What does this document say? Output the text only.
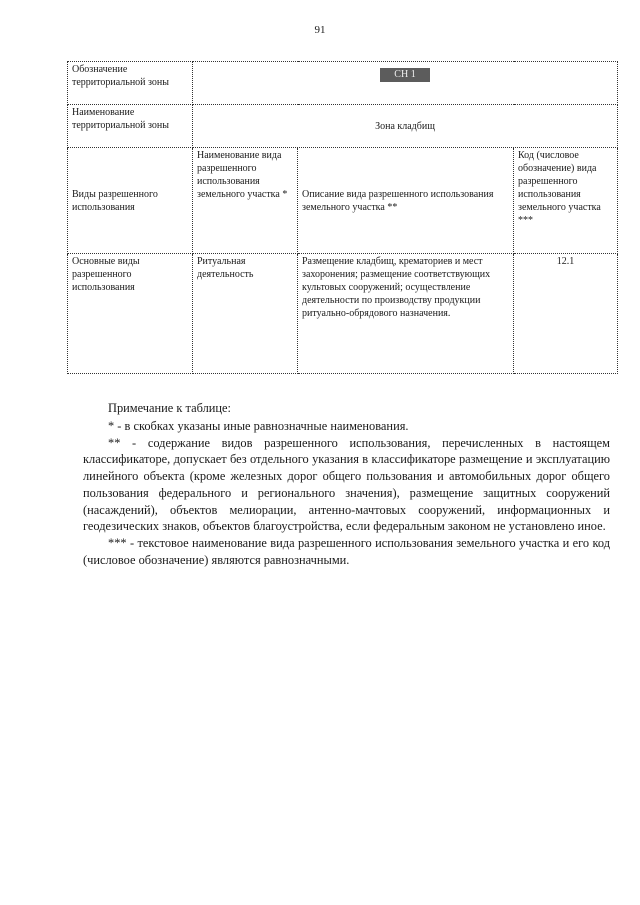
91
Обозначение территориальной зоны	СН 1		
Наименование территориальной зоны	Зона кладбищ		
Виды разрешенного использования	Наименование вида разрешенного использования земельного участка *	Описание вида разрешенного использования земельного участка **	Код (числовое обозначение) вида разрешенного использования земельного участка ***
Основные виды разрешенного использования	Ритуальная деятельность	Размещение кладбищ, крематориев и мест захоронения; размещение соответствующих культовых сооружений; осуществление деятельности по производству продукции ритуально-обрядового назначения.	12.1
Примечание к таблице:

* - в скобках указаны иные равнозначные наименования.

** - содержание видов разрешенного использования, перечисленных в настоящем классификаторе, допускает без отдельного указания в классификаторе размещение и эксплуатацию линейного объекта (кроме железных дорог общего пользования и автомобильных дорог общего пользования федерального и регионального значения), размещение защитных сооружений (насаждений), объектов мелиорации, антенно-мачтовых сооружений, информационных и геодезических знаков, объектов благоустройства, если федеральным законом не установлено иное.

*** - текстовое наименование вида разрешенного использования земельного участка и его код (числовое обозначение) являются равнозначными.
